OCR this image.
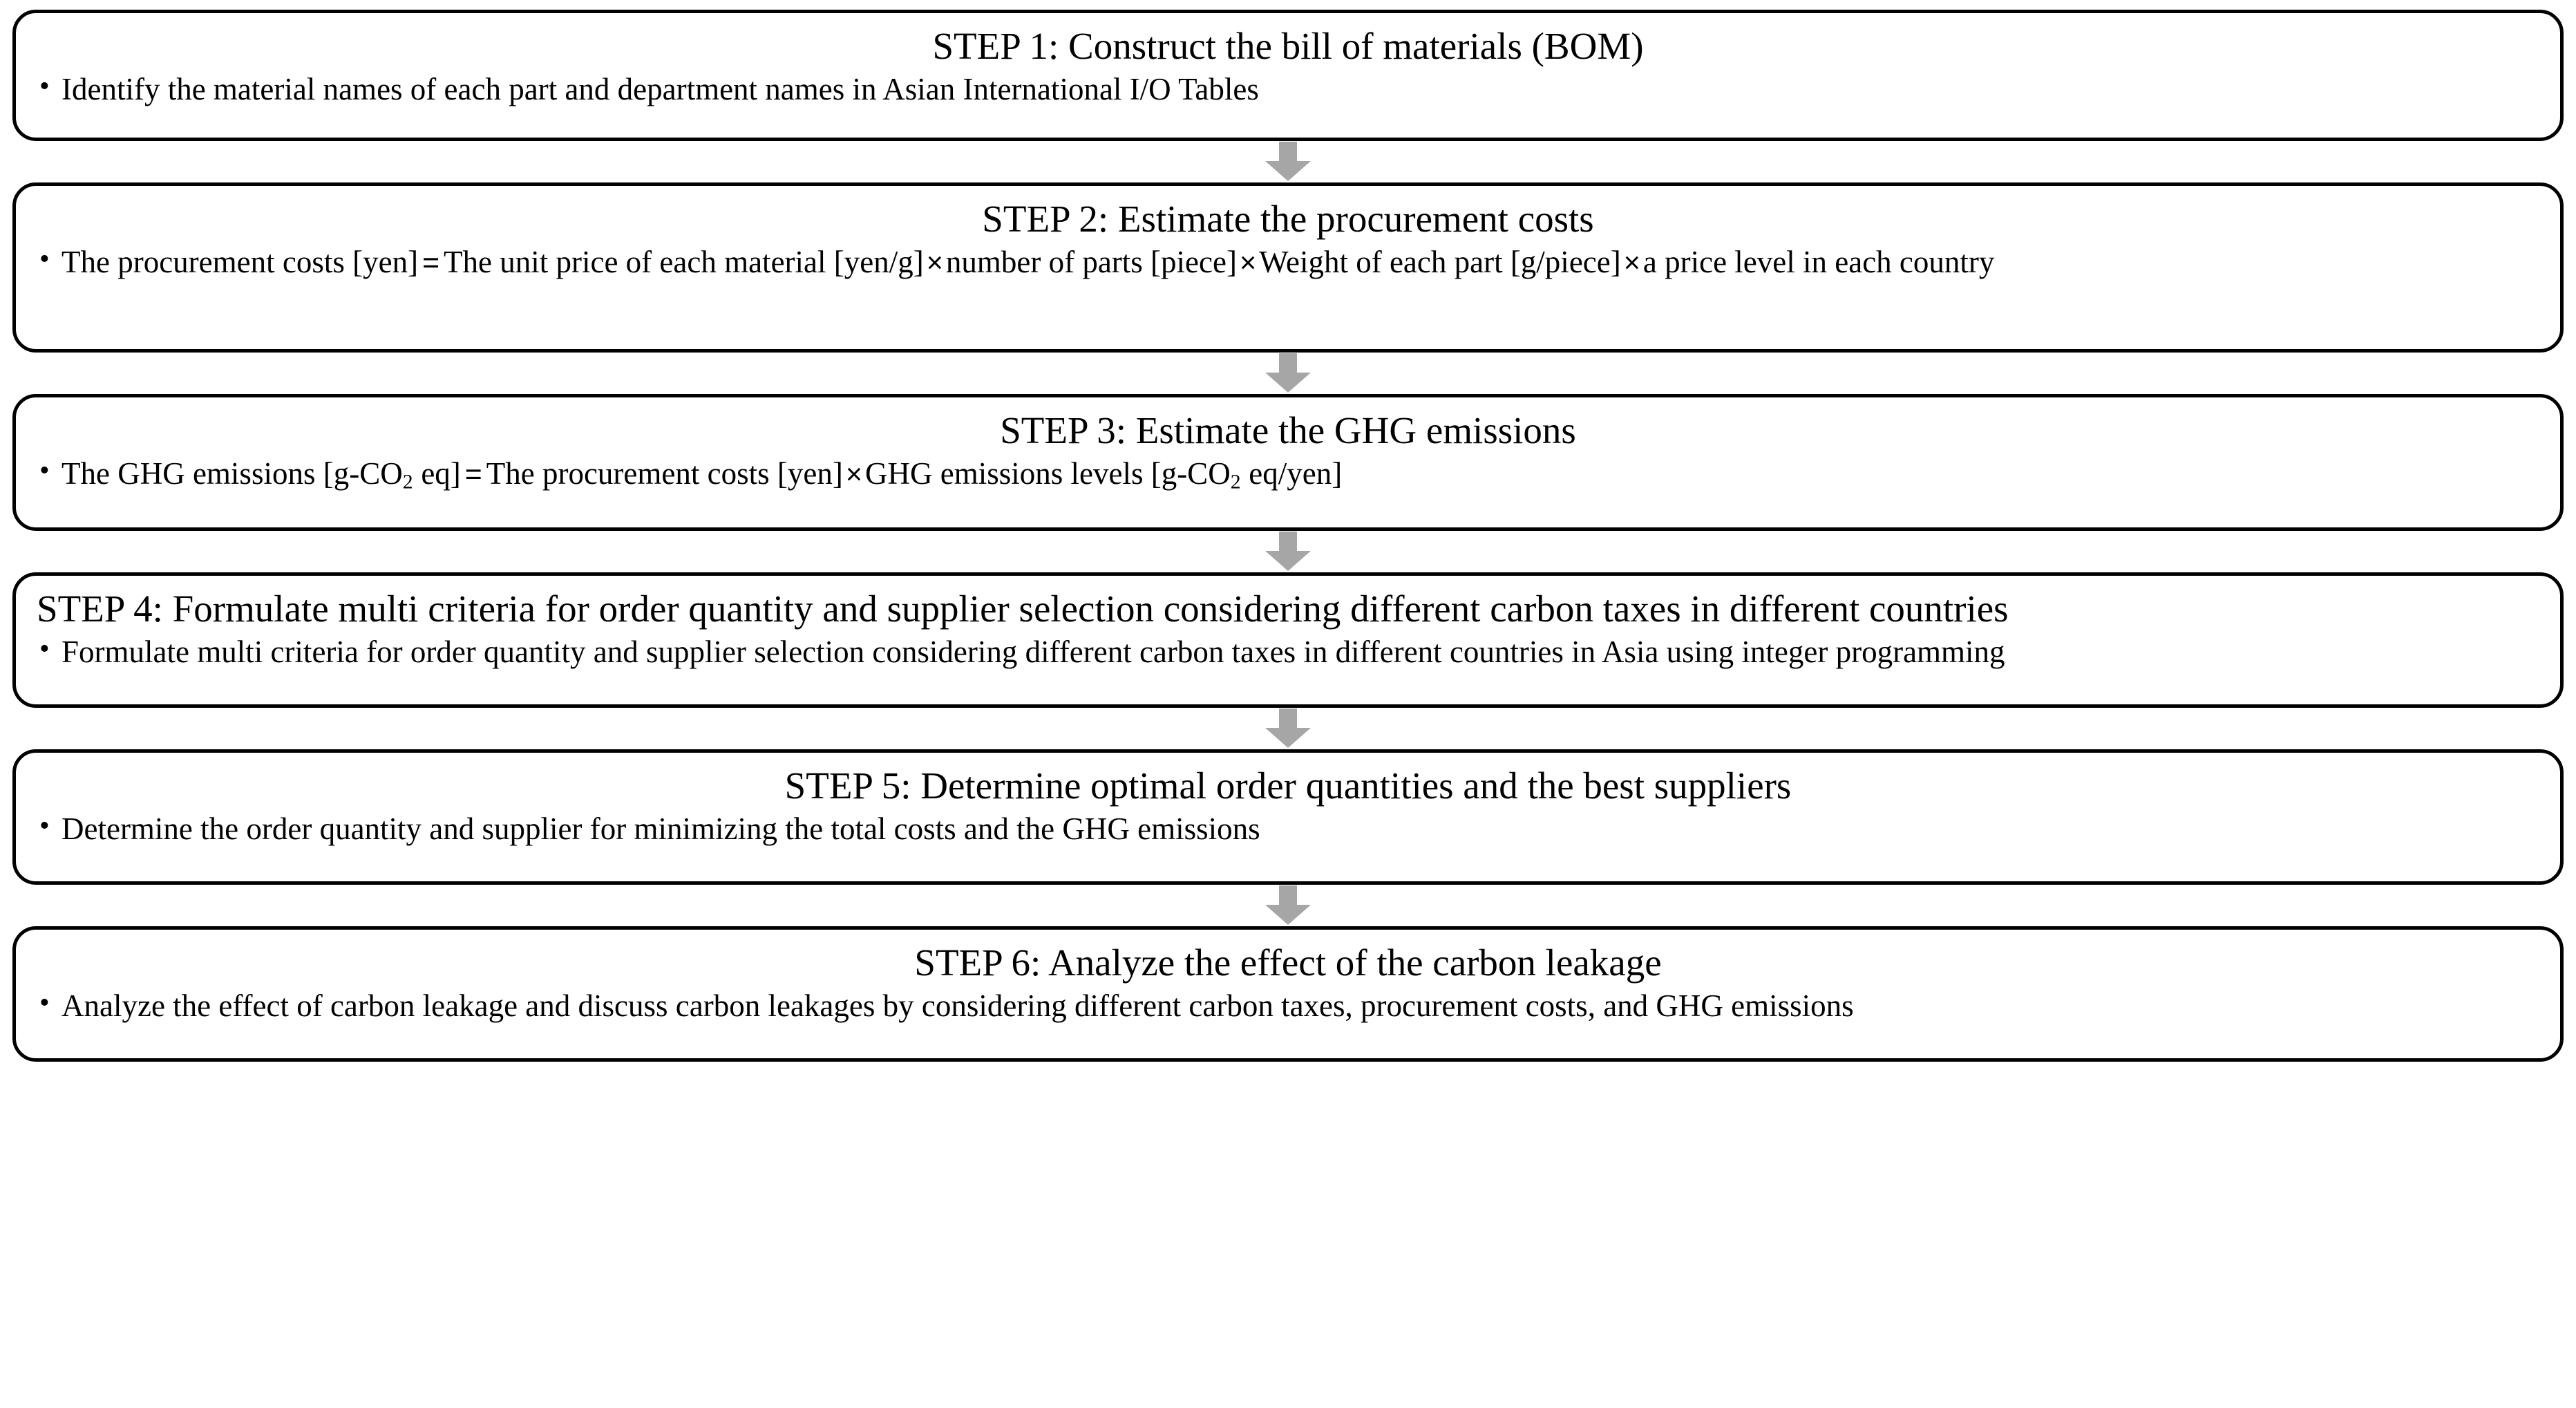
STEP 1: Construct the bill of materials (BOM)
• Identify the material names of each part and department names in Asian International I/O Tables
STEP 2: Estimate the procurement costs
• The procurement costs [yen] = The unit price of each material [yen/g]×number of parts [piece]×Weight of each part [g/piece]×a price level in each country
STEP 3: Estimate the GHG emissions
• The GHG emissions [$g-CO_2$ eq] = The procurement costs [yen]×GHG emissions levels [$g-CO_2$ eq/yen]
STEP 4: Formulate multi criteria for order quantity and supplier selection considering different carbon taxes in different countries
• Formulate multi criteria for order quantity and supplier selection considering different carbon taxes in different countries in Asia using integer programming
STEP 5: Determine optimal order quantities and the best suppliers
• Determine the order quantity and supplier for minimizing the total costs and the GHG emissions
STEP 6: Analyze the effect of the carbon leakage
• Analyze the effect of carbon leakage and discuss carbon leakages by considering different carbon taxes, procurement costs, and GHG emissions
